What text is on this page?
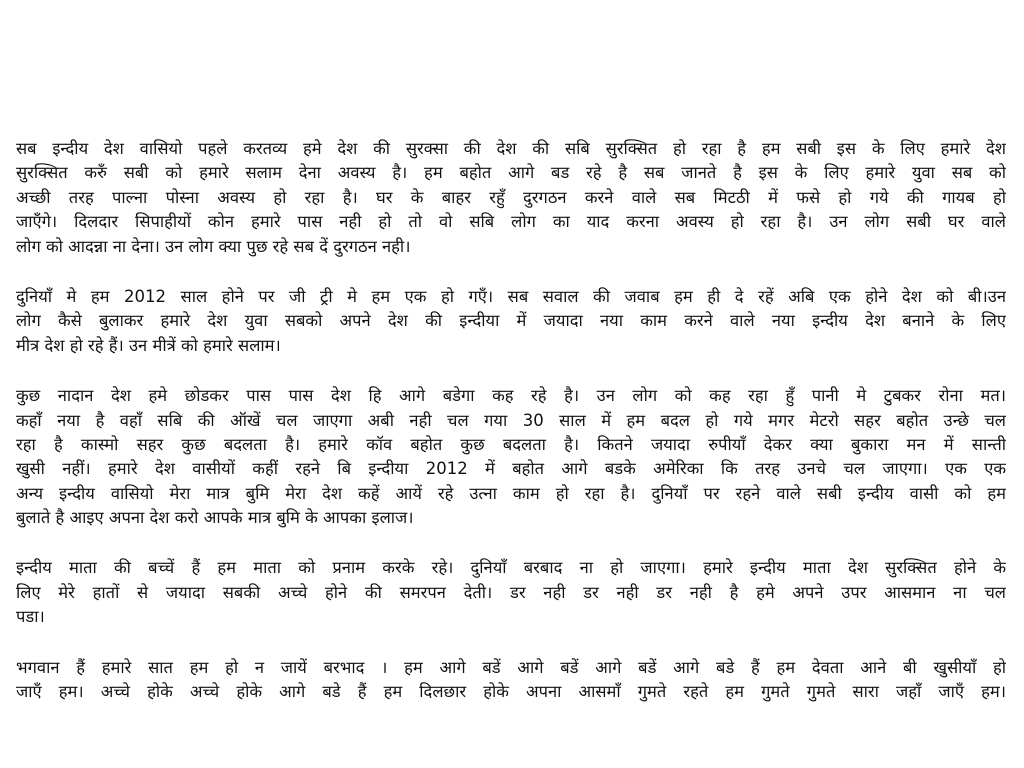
सब इन्दीय देश वासियो पहले करतव्य हमे देश की सुरक्सा की देश की सबि सुरक्सित हो रहा है हम सबी इस के लिए हमारे देश
सुरक्सित करुँ सबी को हमारे सलाम देना अवस्य है। हम बहोत आगे बड रहे है सब जानते है इस के लिए हमारे युवा सब को
अच्छी तरह पाल्ना पोस्ना अवस्य हो रहा है। घर के बाहर रहुँ दुरगठन करने वाले सब मिटठी में फसे हो गये की गायब हो
जाएँगे। दिलदार सिपाहीयों कोन हमारे पास नही हो तो वो सबि लोग का याद करना अवस्य हो रहा है। उन लोग सबी घर वाले
लोग को आदन्ना ना देना। उन लोग क्या पुछ रहे सब दें दुरगठन नही।
दुनियाँ मे हम 2012 साल होने पर जी ट्री मे हम एक हो गएँ। सब सवाल की जवाब हम ही दे रहें अबि एक होने देश को बी।उन
लोग कैसे बुलाकर हमारे देश युवा सबको अपने देश की इन्दीया में जयादा नया काम करने वाले नया इन्दीय देश बनाने के लिए
मीत्र देश हो रहे हैं। उन मीत्रें को हमारे सलाम।
कुछ नादान देश हमे छोडकर पास पास देश हि आगे बडेगा कह रहे है। उन लोग को कह रहा हुँ पानी मे टुबकर रोना मत।
कहाँ नया है वहाँ सबि की ऑखें चल जाएगा अबी नही चल गया 30 साल में हम बदल हो गये मगर मेटरो सहर बहोत उन्छे चल
रहा है कास्मो सहर कुछ बदलता है। हमारे कॉव बहोत कुछ बदलता है। कितने जयादा रुपीयाँ देकर क्या बुकारा मन में सान्ती
खुसी नहीं। हमारे देश वासीयों कहीं रहने बि इन्दीया 2012 में बहोत आगे बडके अमेरिका कि तरह उनचे चल जाएगा। एक एक
अन्य इन्दीय वासियो मेरा मात्र बुमि मेरा देश कहें आयें रहे उत्ना काम हो रहा है। दुनियाँ पर रहने वाले सबी इन्दीय वासी को हम
बुलाते है आइए अपना देश करो आपके मात्र बुमि के आपका इलाज।
इन्दीय माता की बच्चें हैं हम माता को प्रनाम करके रहे। दुनियाँ बरबाद ना हो जाएगा। हमारे इन्दीय माता देश सुरक्सित होने के
लिए मेरे हातों से जयादा सबकी अच्चे होने की समरपन देती। डर नही डर नही डर नही है हमे अपने उपर आसमान ना चल
पडा।
भगवान हैं हमारे सात हम हो न जायें बरभाद । हम आगे बडें आगे बडें आगे बडें आगे बडे हैं हम देवता आने बी खुसीयाँ हो
जाएँ हम। अच्चे होके अच्चे होके आगे बडे हैं हम दिलछार होके अपना आसमाँ गुमते रहते हम गुमते गुमते सारा जहाँ जाएँ हम।
